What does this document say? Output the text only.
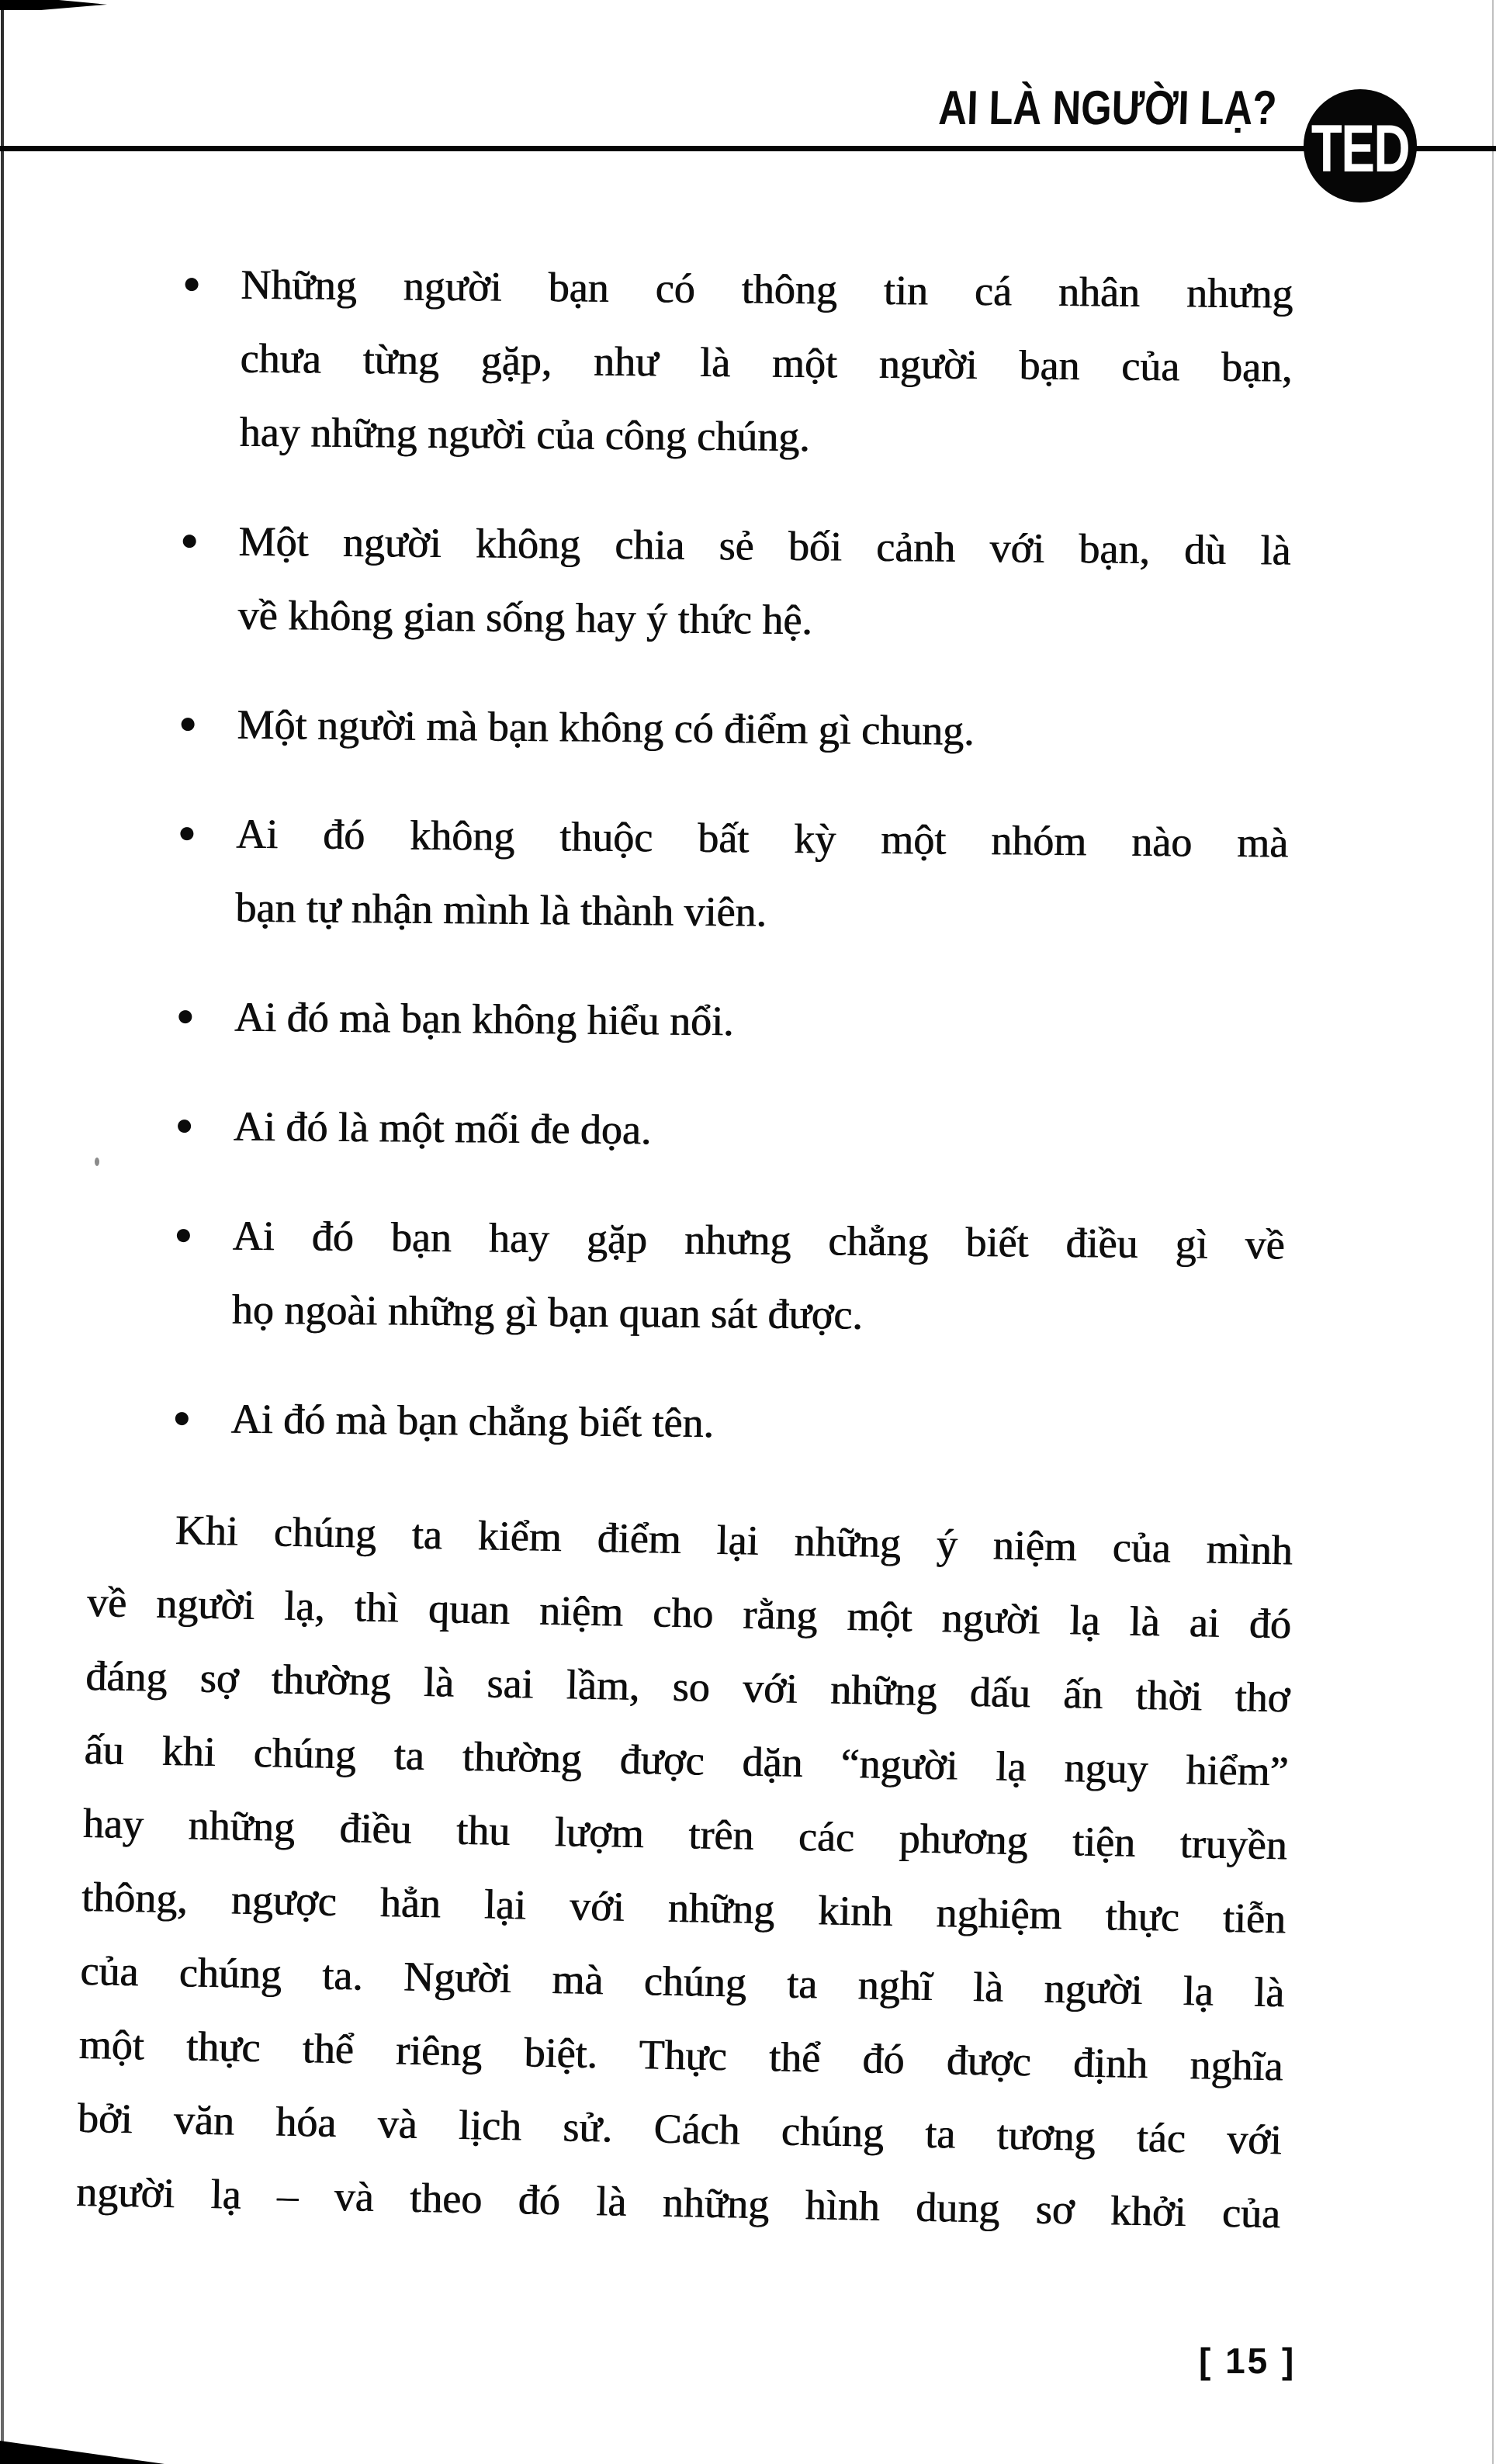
AI LÀ NGƯỜI LẠ?
TED
Những người bạn có thông tin cá nhân nhưng
chưa từng gặp, như là một người bạn của bạn,
hay những người của công chúng.
Một người không chia sẻ bối cảnh với bạn, dù là
về không gian sống hay ý thức hệ.
Một người mà bạn không có điểm gì chung.
Ai đó không thuộc bất kỳ một nhóm nào mà
bạn tự nhận mình là thành viên.
Ai đó mà bạn không hiểu nổi.
Ai đó là một mối đe dọa.
Ai đó bạn hay gặp nhưng chẳng biết điều gì về
họ ngoài những gì bạn quan sát được.
Ai đó mà bạn chẳng biết tên.
Khi chúng ta kiểm điểm lại những ý niệm của mình
về người lạ, thì quan niệm cho rằng một người lạ là ai đó
đáng sợ thường là sai lầm, so với những dấu ấn thời thơ
ấu khi chúng ta thường được dặn “người lạ nguy hiểm”
hay những điều thu lượm trên các phương tiện truyền
thông, ngược hẳn lại với những kinh nghiệm thực tiễn
của chúng ta. Người mà chúng ta nghĩ là người lạ là
một thực thể riêng biệt. Thực thể đó được định nghĩa
bởi văn hóa và lịch sử. Cách chúng ta tương tác với
người lạ – và theo đó là những hình dung sơ khởi của
[ 15 ]
